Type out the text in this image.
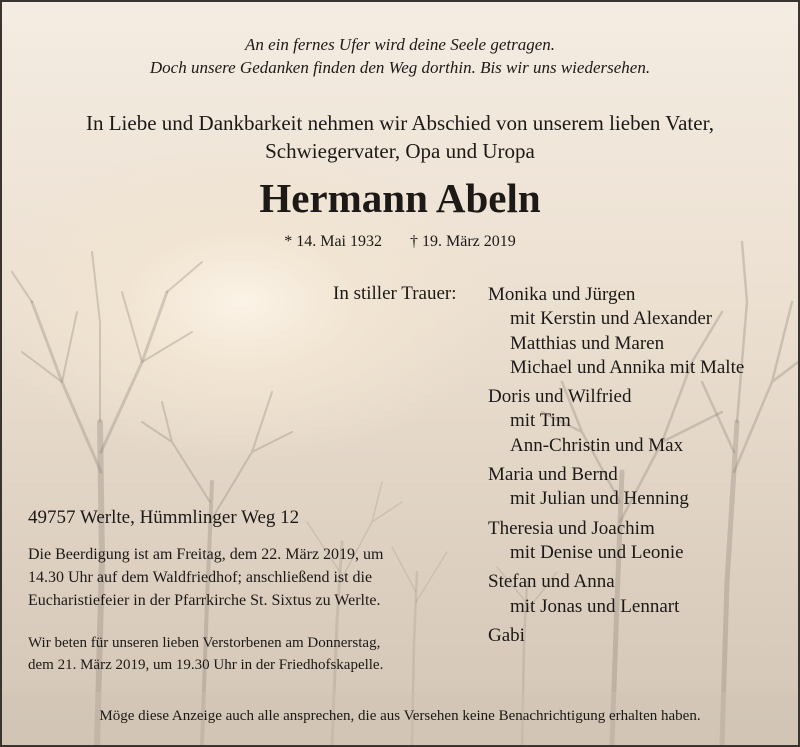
An ein fernes Ufer wird deine Seele getragen.
Doch unsere Gedanken finden den Weg dorthin. Bis wir uns wiedersehen.
In Liebe und Dankbarkeit nehmen wir Abschied von unserem lieben Vater,
Schwiegervater, Opa und Uropa
Hermann Abeln
* 14. Mai 1932 † 19. März 2019
In stiller Trauer: Monika und Jürgen
mit Kerstin und Alexander
Matthias und Maren
Michael und Annika mit Malte
Doris und Wilfried
mit Tim
Ann-Christin und Max
Maria und Bernd
mit Julian und Henning
Theresia und Joachim
mit Denise und Leonie
Stefan und Anna
mit Jonas und Lennart
Gabi
49757 Werlte, Hümmlinger Weg 12
Die Beerdigung ist am Freitag, dem 22. März 2019, um
14.30 Uhr auf dem Waldfriedhof; anschließend ist die
Eucharistiefeier in der Pfarrkirche St. Sixtus zu Werlte.
Wir beten für unseren lieben Verstorbenen am Donnerstag,
dem 21. März 2019, um 19.30 Uhr in der Friedhofskapelle.
Möge diese Anzeige auch alle ansprechen, die aus Versehen keine Benachrichtigung erhalten haben.
